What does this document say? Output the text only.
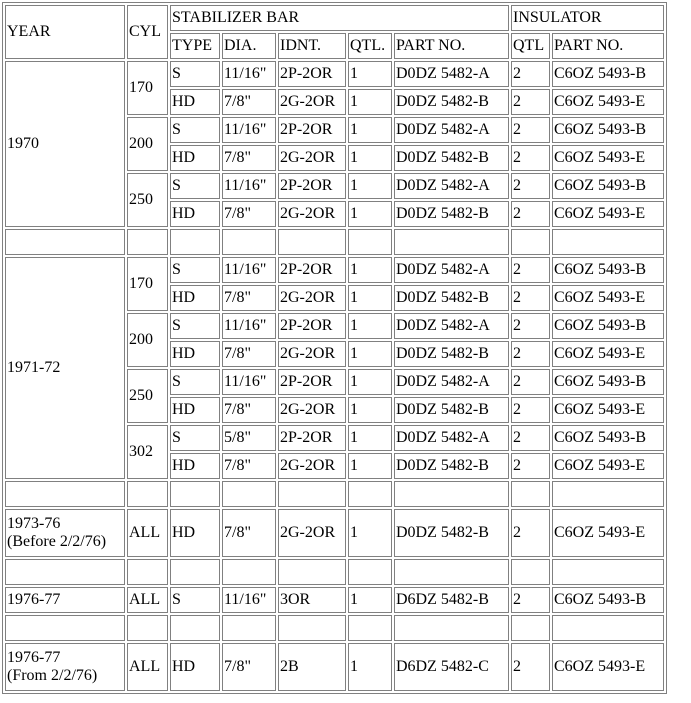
YEAR	CYL	STABILIZER BAR					INSULATOR	
		TYPE	DIA.	IDNT.	QTL.	PART NO.	QTL	PART NO.
1970	170	S	11/16"	2P-2OR	1	D0DZ 5482-A	2	C6OZ 5493-B
		HD	7/8"	2G-2OR	1	D0DZ 5482-B	2	C6OZ 5493-E
	200	S	11/16"	2P-2OR	1	D0DZ 5482-A	2	C6OZ 5493-B
		HD	7/8"	2G-2OR	1	D0DZ 5482-B	2	C6OZ 5493-E
	250	S	11/16"	2P-2OR	1	D0DZ 5482-A	2	C6OZ 5493-B
		HD	7/8"	2G-2OR	1	D0DZ 5482-B	2	C6OZ 5493-E

1971-72	170	S	11/16"	2P-2OR	1	D0DZ 5482-A	2	C6OZ 5493-B
		HD	7/8"	2G-2OR	1	D0DZ 5482-B	2	C6OZ 5493-E
	200	S	11/16"	2P-2OR	1	D0DZ 5482-A	2	C6OZ 5493-B
		HD	7/8"	2G-2OR	1	D0DZ 5482-B	2	C6OZ 5493-E
	250	S	11/16"	2P-2OR	1	D0DZ 5482-A	2	C6OZ 5493-B
		HD	7/8"	2G-2OR	1	D0DZ 5482-B	2	C6OZ 5493-E
	302	S	5/8"	2P-2OR	1	D0DZ 5482-A	2	C6OZ 5493-B
		HD	7/8"	2G-2OR	1	D0DZ 5482-B	2	C6OZ 5493-E

1973-76
(Before 2/2/76)	ALL	HD	7/8"	2G-2OR	1	D0DZ 5482-B	2	C6OZ 5493-E

1976-77	ALL	S	11/16"	3OR	1	D6DZ 5482-B	2	C6OZ 5493-B

1976-77
(From 2/2/76)	ALL	HD	7/8"	2B	1	D6DZ 5482-C	2	C6OZ 5493-E
